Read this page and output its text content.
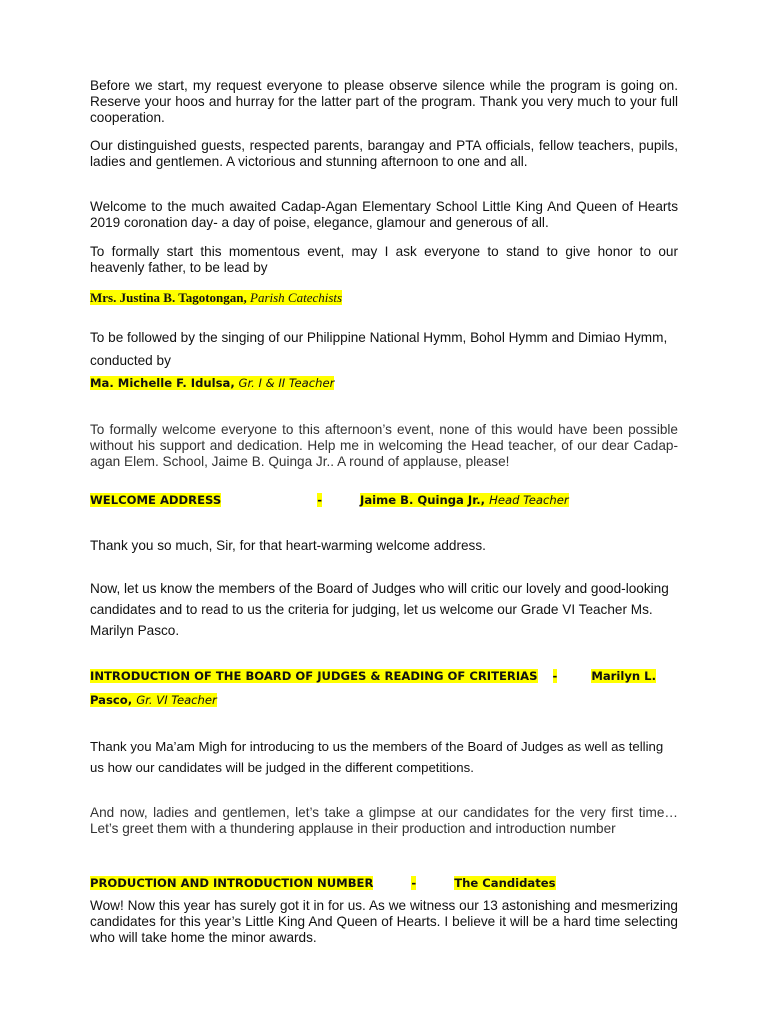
Before we start, my request everyone to please observe silence while the program is going on. Reserve your hoos and hurray for the latter part of the program. Thank you very much to your full cooperation.

Our distinguished guests, respected parents, barangay and PTA officials, fellow teachers, pupils, ladies and gentlemen. A victorious and stunning afternoon to one and all.

Welcome to the much awaited Cadap-Agan Elementary School Little King And Queen of Hearts 2019 coronation day- a day of poise, elegance, glamour and generous of all.

To formally start this momentous event, may I ask everyone to stand to give honor to our heavenly father, to be lead by

Mrs. Justina B. Tagotongan, Parish Catechists

To be followed by the singing of our Philippine National Hymm, Bohol Hymm and Dimiao Hymm, conducted by

Ma. Michelle F. Idulsa, Gr. I & II Teacher

To formally welcome everyone to this afternoon’s event, none of this would have been possible without his support and dedication. Help me in welcoming the Head teacher, of our dear Cadap-agan Elem. School, Jaime B. Quinga Jr.. A round of applause, please!

WELCOME ADDRESS	-	Jaime B. Quinga Jr., Head Teacher

Thank you so much, Sir, for that heart-warming welcome address.

Now, let us know the members of the Board of Judges who will critic our lovely and good-looking candidates and to read to us the criteria for judging, let us welcome our Grade VI Teacher Ms. Marilyn Pasco.

INTRODUCTION OF THE BOARD OF JUDGES & READING OF CRITERIAS -	Marilyn L.
Pasco, Gr. VI Teacher

Thank you Ma’am Migh for introducing to us the members of the Board of Judges as well as telling us how our candidates will be judged in the different competitions.

And now, ladies and gentlemen, let’s take a glimpse at our candidates for the very first time… Let’s greet them with a thundering applause in their production and introduction number

PRODUCTION AND INTRODUCTION NUMBER	-	The Candidates

Wow! Now this year has surely got it in for us. As we witness our 13 astonishing and mesmerizing candidates for this year’s Little King And Queen of Hearts. I believe it will be a hard time selecting who will take home the minor awards.
